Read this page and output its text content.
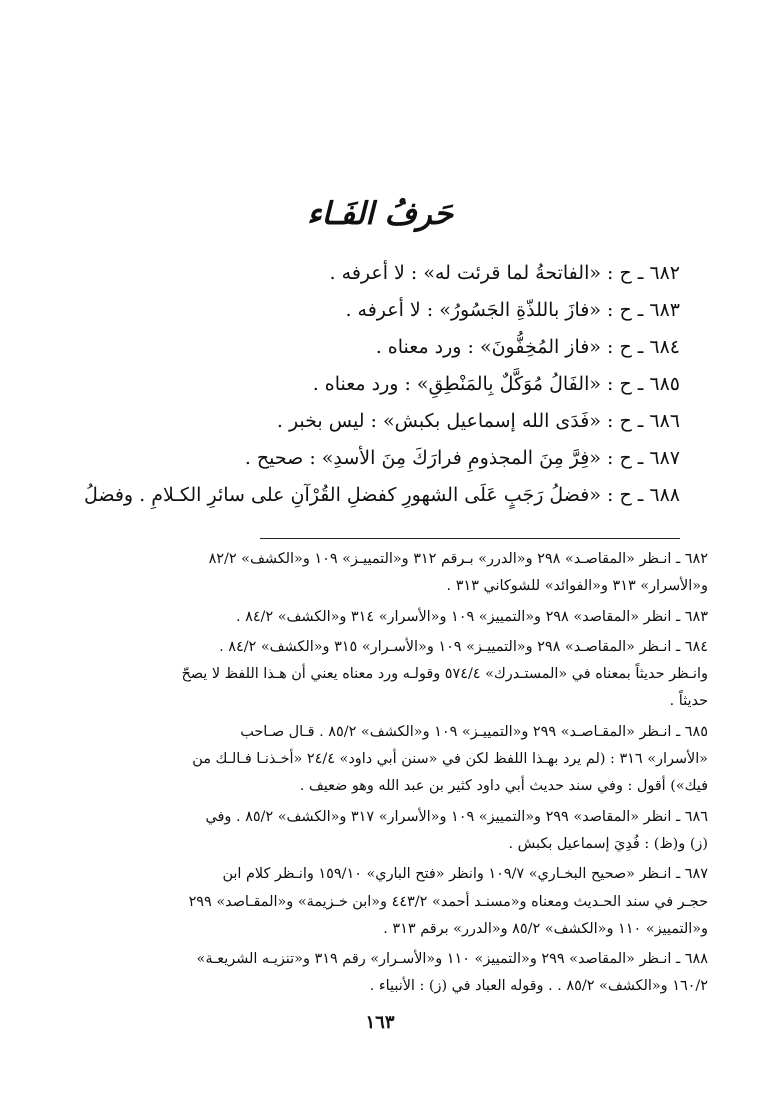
حَرفُ الفَـاء
٦٨٢ ـ ح : «الفاتحةُ لما قرئت له» : لا أعرفه .
٦٨٣ ـ ح : «فازَ باللذّةِ الجَسُورُ» : لا أعرفه .
٦٨٤ ـ ح : «فاز المُخِفُّونَ» : ورد معناه .
٦٨٥ ـ ح : «الفَالُ مُوَكَّلٌ بِالمَنْطِقِ» : ورد معناه .
٦٨٦ ـ ح : «فَدَى الله إسماعيل بكبش» : ليس بخبر .
٦٨٧ ـ ح : «فِرَّ مِنَ المجذومِ فرارَكَ مِنَ الأسدِ» : صحيح .
٦٨٨ ـ ح : «فضلُ رَجَبٍ عَلَى الشهورِ كفضلِ القُرْآنِ على سائرِ الكـلامِ . وفضلُ
٦٨٢ ـ انـظر «المقاصـد» ٢٩٨ و«الدرر» بـرقم ٣١٢ و«التمييـز» ١٠٩ و«الكشف» ٨٢/٢
و«الأسرار» ٣١٣ و«الفوائد» للشوكاني ٣١٣ .
٦٨٣ ـ انظر «المقاصد» ٢٩٨ و«التمييز» ١٠٩ و«الأسرار» ٣١٤ و«الكشف» ٨٤/٢ .
٦٨٤ ـ انـظر «المقاصـد» ٢٩٨ و«التمييـز» ١٠٩ و«الأسـرار» ٣١٥ و«الكشف» ٨٤/٢ .
وانـظر حديثاً بمعناه في «المستـدرك» ٥٧٤/٤ وقولـه ورد معناه يعني أن هـذا اللفظ لا يصحّ
حديثاً .
٦٨٥ ـ انـظر «المقـاصـد» ٢٩٩ و«التمييـز» ١٠٩ و«الكشف» ٨٥/٢ . قـال صـاحب
«الأسرار» ٣١٦ : (لم يرد بهـذا اللفظ لكن في «سنن أبي داود» ٢٤/٤ «أخـذنـا فـالـك من
فيك») أقول : وفي سند حديث أبي داود كثير بن عبد الله وهو ضعيف .
٦٨٦ ـ انظر «المقاصد» ٢٩٩ و«التمييز» ١٠٩ و«الأسرار» ٣١٧ و«الكشف» ٨٥/٢ . وفي
(ز) و(ظ) : فُدِيَ إسماعيل بكبش .
٦٨٧ ـ انـظر «صحيح البخـاري» ١٠٩/٧ وانظر «فتح الباري» ١٥٩/١٠ وانـظر كلام ابن
حجـر في سند الحـديث ومعناه و«مسنـد أحمد» ٤٤٣/٢ و«ابن خـزيمة» و«المقـاصد» ٢٩٩
و«التمييز» ١١٠ و«الكشف» ٨٥/٢ و«الدرر» برقم ٣١٣ .
٦٨٨ ـ انـظر «المقاصد» ٢٩٩ و«التمييز» ١١٠ و«الأسـرار» رقم ٣١٩ و«تنزيـه الشريعـة»
١٦٠/٢ و«الكشف» ٨٥/٢ . . وقوله العباد في (ز) : الأنبياء .
١٦٣
